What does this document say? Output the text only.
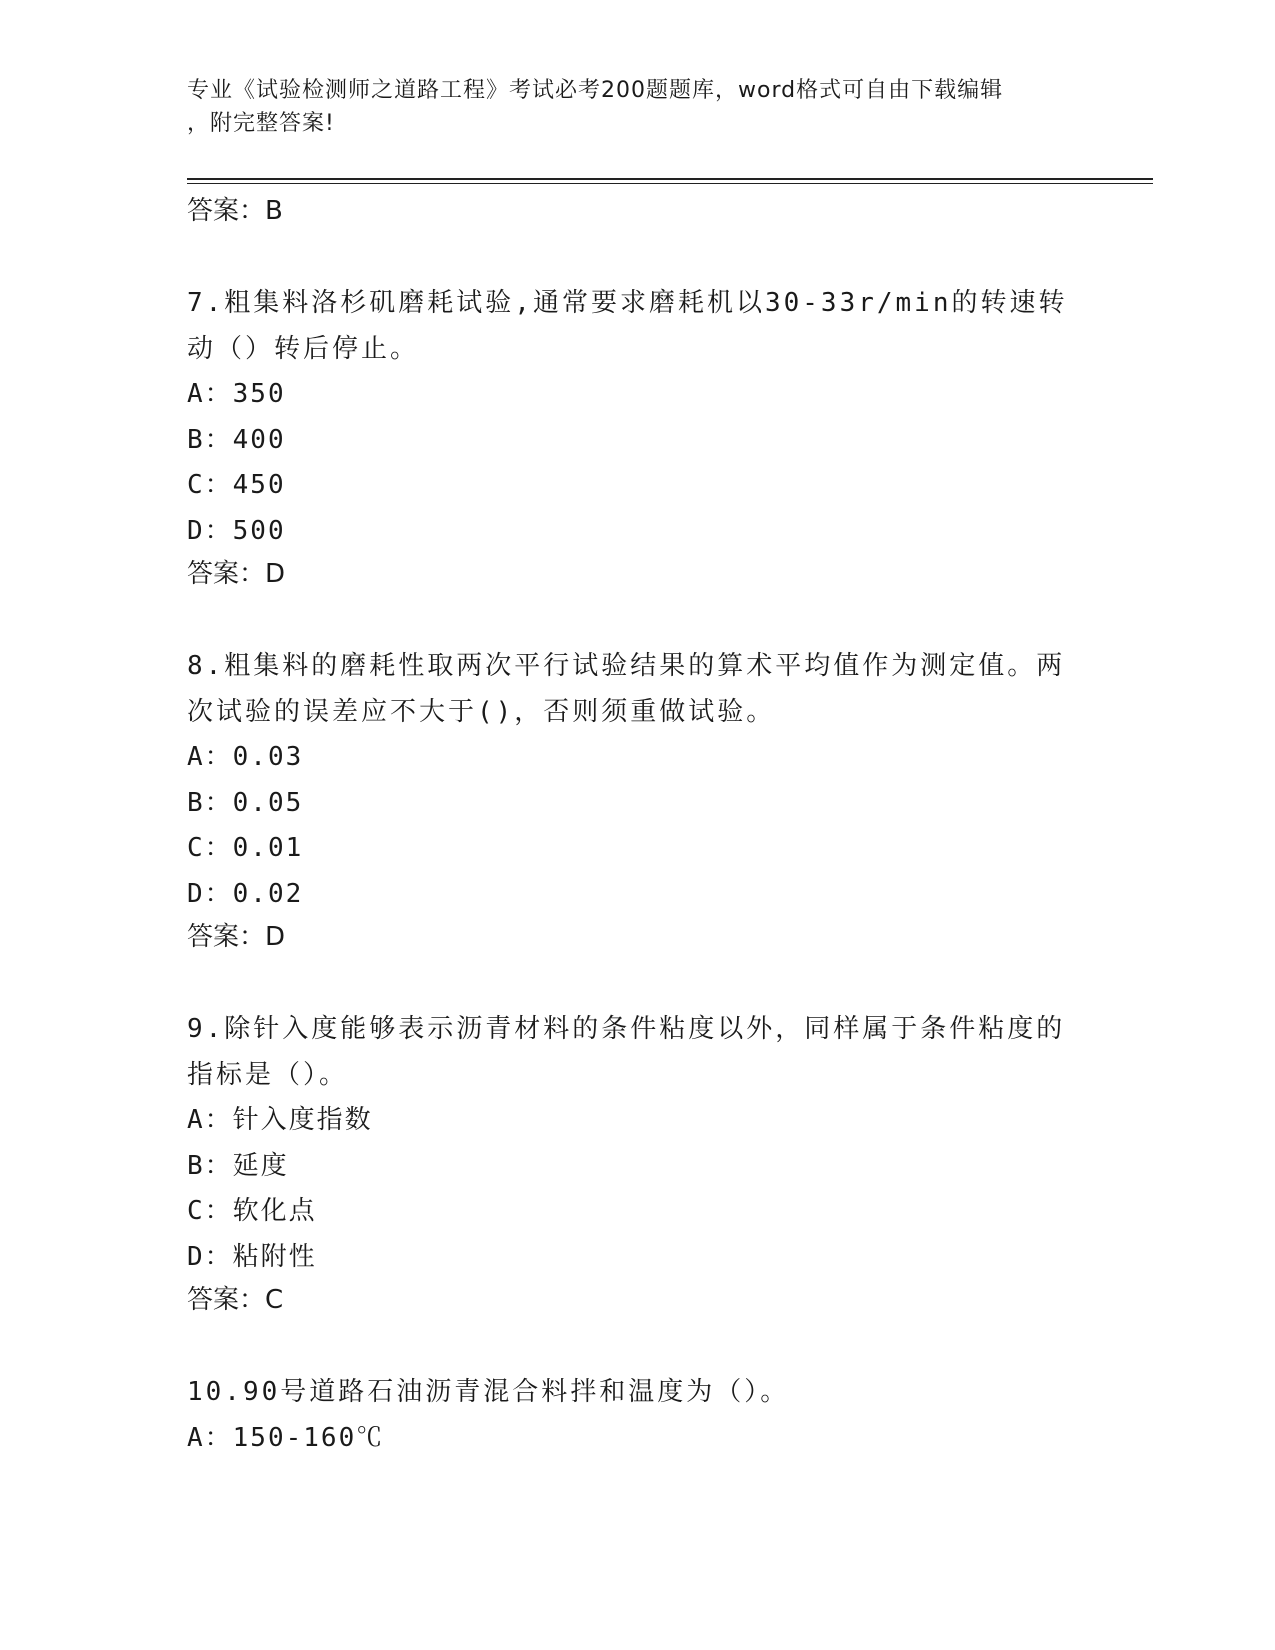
专业《试验检测师之道路工程》考试必考200题题库，word格式可自由下载编辑
，附完整答案!
答案：B
7.粗集料洛杉矶磨耗试验,通常要求磨耗机以30-33r/min的转速转动（）转后停止。
A：350
B：400
C：450
D：500
答案：D
8.粗集料的磨耗性取两次平行试验结果的算术平均值作为测定值。两次试验的误差应不大于()，否则须重做试验。
A：0.03
B：0.05
C：0.01
D：0.02
答案：D
9.除针入度能够表示沥青材料的条件粘度以外，同样属于条件粘度的指标是（）。
A：针入度指数
B：延度
C：软化点
D：粘附性
答案：C
10.90号道路石油沥青混合料拌和温度为（）。
A：150-160℃
